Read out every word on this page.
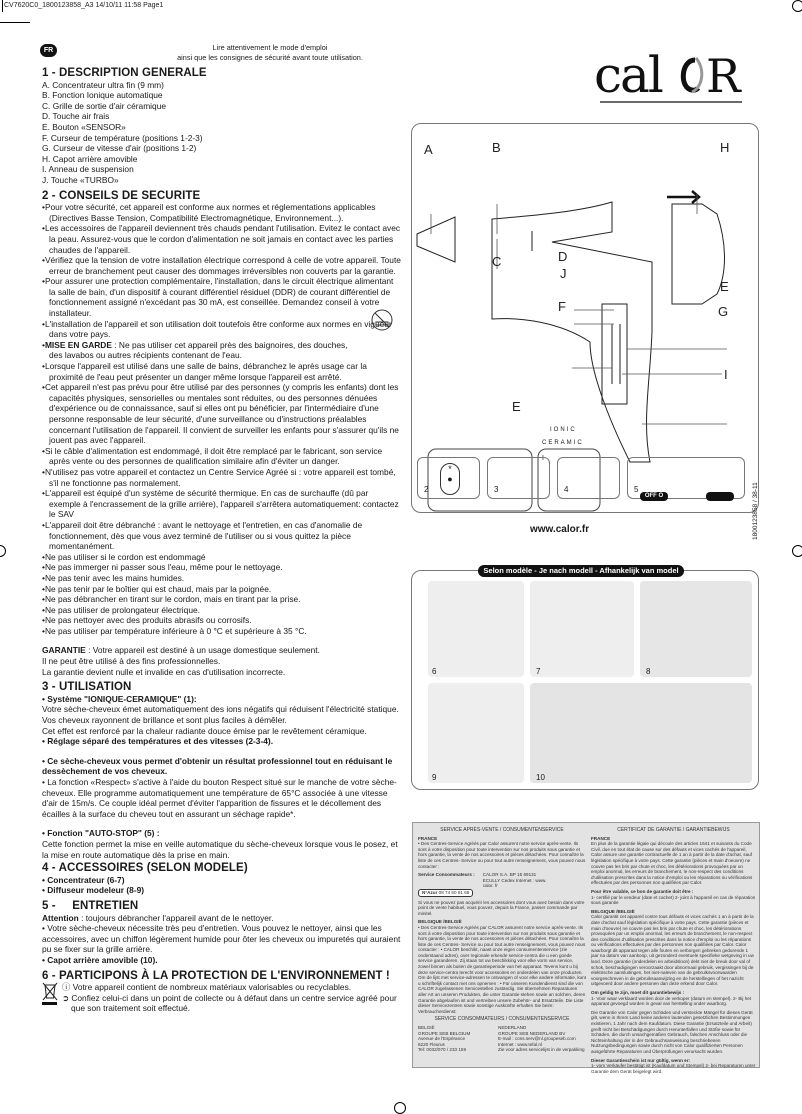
CV7620C0_1800123858_A3 14/10/11 11:58 Page1
FR	Lire attentivement le mode d'emploi
ainsi que les consignes de sécurité avant toute utilisation.
1 - DESCRIPTION GENERALE
A. Concentrateur ultra fin (9 mm)
B. Fonction Ionique automatique
C. Grille de sortie d'air céramique
D. Touche air frais
E. Bouton «SENSOR»
F. Curseur de température (positions 1-2-3)
G. Curseur de vitesse d'air (positions 1-2)
H. Capot arrière amovible
I. Anneau de suspension
J. Touche «TURBO»
2 - CONSEILS DE SECURITE
• Pour votre sécurité, cet appareil est conforme aux normes et réglementations applicables (Directives Basse Tension, Compatibilité Electromagnétique, Environnement...).
• Les accessoires de l'appareil deviennent très chauds pendant l'utilisation. Evitez le contact avec la peau. Assurez-vous que le cordon d'alimentation ne soit jamais en contact avec les parties chaudes de l'appareil.
• Vérifiez que la tension de votre installation électrique correspond à celle de votre appareil. Toute erreur de branchement peut causer des dommages irréversibles non couverts par la garantie.
• Pour assurer une protection complémentaire, l'installation, dans le circuit électrique alimentant la salle de bain, d'un dispositif à courant différentiel résiduel (DDR) de courant différentiel de fonctionnement assigné n'excédant pas 30 mA, est conseillée. Demandez conseil à votre installateur.
• L'installation de l'appareil et son utilisation doit toutefois être conforme aux normes en vigueur dans votre pays.
• MISE EN GARDE : Ne pas utiliser cet appareil près des baignoires, des douches, des lavabos ou autres récipients contenant de l'eau.
• Lorsque l'appareil est utilisé dans une salle de bains, débranchez le après usage car la proximité de l'eau peut présenter un danger même lorsque l'appareil est arrêté.
• Cet appareil n'est pas prévu pour être utilisé par des personnes (y compris les enfants) dont les capacités physiques, sensorielles ou mentales sont réduites, ou des personnes dénuées d'expérience ou de connaissance, sauf si elles ont pu bénéficier, par l'intermédiaire d'une personne responsable de leur sécurité, d'une surveillance ou d'instructions préalables concernant l'utilisation de l'appareil. Il convient de surveiller les enfants pour s'assurer qu'ils ne jouent pas avec l'appareil.
• Si le câble d'alimentation est endommagé, il doit être remplacé par le fabricant, son service après vente ou des personnes de qualification similaire afin d'éviter un danger.
• N'utilisez pas votre appareil et contactez un Centre Service Agréé si : votre appareil est tombé, s'il ne fonctionne pas normalement.
• L'appareil est équipé d'un système de sécurité thermique. En cas de surchauffe (dû par exemple à l'encrassement de la grille arrière), l'appareil s'arrêtera automatiquement: contactez le SAV
• L'appareil doit être débranché : avant le nettoyage et l'entretien, en cas d'anomalie de fonctionnement, dès que vous avez terminé de l'utiliser ou si vous quittez la pièce momentanément.
• Ne pas utiliser si le cordon est endommagé
• Ne pas immerger ni passer sous l'eau, même pour le nettoyage.
• Ne pas tenir avec les mains humides.
• Ne pas tenir par le boîtier qui est chaud, mais par la poignée.
• Ne pas débrancher en tirant sur le cordon, mais en tirant par la prise.
• Ne pas utiliser de prolongateur électrique.
• Ne pas nettoyer avec des produits abrasifs ou corrosifs.
• Ne pas utiliser par température inférieure à 0 °C et supérieure à 35 °C.

GARANTIE : Votre appareil est destiné à un usage domestique seulement.

Il ne peut être utilisé à des fins professionnelles.

La garantie devient nulle et invalide en cas d'utilisation incorrecte.

3 - UTILISATION

• Système "IONIQUE-CERAMIQUE" (1):

Votre sèche-cheveux émet automatiquement des ions négatifs qui réduisent l'électricité statique. Vos cheveux rayonnent de brillance et sont plus faciles à démêler.

Cet effet est renforcé par la chaleur radiante douce émise par le revêtement céramique.

• Réglage séparé des températures et des vitesses (2-3-4).

• Ce sèche-cheveux vous permet d'obtenir un résultat professionnel tout en réduisant le dessèchement de vos cheveux.

• La fonction «Respect» s'active à l'aide du bouton Respect situé sur le manche de votre sèche-cheveux. Elle programme automatiquement une température de 65°C associée à une vitesse d'air de 15m/s. Ce couple idéal permet d'éviter l'apparition de fissures et le décollement des écailles à la surface du cheveu tout en assurant un séchage rapide*.

• Fonction "AUTO-STOP" (5) :

Cette fonction permet la mise en veille automatique du sèche-cheveux lorsque vous le posez, et la mise en route automatique dès la prise en main.

4 - ACCESSOIRES (SELON MODELE)

• Concentrateur (6-7)

• Diffuseur modeleur (8-9)

5 -     ENTRETIEN

Attention : toujours débrancher l'appareil avant de le nettoyer.

• Votre sèche-cheveux nécessite très peu d'entretien. Vous pouvez le nettoyer, ainsi que les accessoires, avec un chiffon légèrement humide pour ôter les cheveux ou impuretés qui auraient pu se fixer sur la grille arrière.

• Capot arrière amovible (10).

6 - PARTICIPONS À LA PROTECTION DE L'ENVIRONNEMENT !

ⓘ Votre appareil contient de nombreux matériaux valorisables ou recyclables.

➲ Confiez celui-ci dans un point de collecte ou à défaut dans un centre service agréé pour que son traitement soit effectué.

cal R
A	B
C	D
J
E
F	G
H
I
E
IONIC
CERAMIC
I
2
*
●
3	4	5
OFF O	1800123858 / 38-11
www.calor.fr
6	7	8
9	10
Selon modèle - Je nach modell - Afhankelijk van model
SERVICE APRÈS-VENTE / CONSUMENTENSERVICE
FRANCE

• Des Centres-Service Agréés par Calor assurent notre service après-vente. Ils sont à votre disposition pour toute intervention sur nos produits sous garantie et hors garantie, la vente de nos accessoires et pièces détachées. Pour connaître la liste de ces Centres- Service ou pour tout autre renseignement, vous pouvez nous contacter :

Service Consommateurs : CALOR S.A. BP 15 69131 ECULLY Cedex Internet : www. calor. fr

N°Azur 08 74 50 81 68

Si vous ne pouvez pas acquérir les accessoires dont vous avez besoin dans votre point de vente habituel, vous pouvez, depuis la France, passer commande par minitel.

BELGIQUE /BELGIË

• Des Centres-Service Agréés par CALOR assurent notre service après-vente. Ils sont à votre disposition pour toute intervention sur nos produits sous garantie et hors garantie, la vente de nos accessoires et pièces détachées. Pour connaître la liste de ces Centres- Service ou pour tout autre renseignement, vous pouvez nous contacter : • CALOR beschikt, naast onze eigen consumentenservice (zie onderstaand adres), over regionale erkende service-centra die u een goede service garanderen. Zij staan tot uw beschikking voor elke vorm van service, zowel binnen als buiten de garantieperiode van het apparaat. Tevens kunt u bij deze service-centra terecht voor accessoires en onderdelen van onze producten. Om de lijst met service-adressen te ontvangen of voor elke andere informatie, kunt u schriftelijk contact met ons opnemen : • Für unseren Kundendienst sind die von CALOR zugelassenen Servicestellen zuständig. Sie übernehmen Reparaturen aller Art an unseren Produkten, die unter Garantie stehen sowie an solchen, deren Garantie abgelaufen ist und vertreiben unsere Zubehör- und Ersatzteile. Die Liste dieser Servicezentren sowie sonstige Auskünfte erhalten Sie beim: Verbraucherdienst:

SERVICE CONSOMMATEURS / CONSUMENTENSERVICE
BELGIË
GROUPE SEB BELGIUM
Avenue de l'Espérance
6220 Fleurus
Tel: 0032/070 / 233 159
NEDERLAND
GROUPE SEB NEDERLAND BV
E-mail : cons.serv@nl.groupeseb.com
Internet : www.tefal.nl
Zie voor adres servicelijst in de verpakking
CERTIFICAT DE GARANTIE / GARANTIEBEWIJS
FRANCE

En plus de la garantie légale qui découle des articles 1641 et suivants du Code Civil, due en tout état de cause sur des défauts et vices cachés de l'appareil, Calor assure une garantie contractuelle de 1 an à partir de la date d'achat, sauf législation spécifique à votre pays. Cette garantie (pièces et main d'oeuvre) ne couvre pas les bris par chute et choc, les détériorations provoquées par un emploi anormal, les erreurs de branchement, le non-respect des conditions d'utilisation prescrites dans la notice d'emploi ou les réparations ou vérifications effectuées par des personnes non qualifiées par Calor.

Pour être valable, ce bon de garantie doit être :

1- certifié par le vendeur (date et cachet) 2- joint à l'appareil en cas de réparation sous garantie

BELGIQUE /BELGIË

Calor garantit cet appareil contre tous défauts et vices cachés 1 an à partir de la date d'achat sauf législation spécifique à votre pays. Cette garantie (pièces et main d'oeuvre) ne couvre pas les bris par chute et choc, les détériorations provoquées par un emploi anormal, les erreurs de branchement, le non-respect des conditions d'utilisation prescrites dans la notice d'emploi ou les réparations ou vérifications effectuées par des personnes non qualifiées par Calor. Calor waarborgt dit apparaat tegen alle fouten en verborgen gebreken gedurende 1 jaar na datum van aankoop, uit gezonderd eventuele specifieke wetgeving in uw land. Deze garantie (onderdelen en arbeidsloon) dekt niet de breuk door val of schok, beschadigingen veroorzaakt door abnormaal gebruik, vergissingen bij de elektrische aansluitingen, het niet-naleven van de gebruiksvoorwaarden voorgeschreven in de gebruiksaanwijzing en de herstellingen of het nazicht uitgevoerd door andere personen dan deze erkend door Calor.

Om geldig te zijn, moet dit garantiebewijs :

1- Voor waar verklaard worden door de verkoper (datum en stempel). 2- Bij het apparaat gevoegd worden in geval van herstelling onder waarborg.

Die Garantie von Calor gegen Schäden und versteckte Mängel für dieses Gerät gilt, wenn in Ihrem Land keine anderen lautenden gesetzlichen Bestimmungen existieren, 1 Jahr nach dem Kaufdatum. Diese Garantie (Ersatzteile und Arbeit) greift nicht bei Beschädigungen durch Herunterfallen und Stöße sowie für Schäden, die durch unsachgemäßen Gebrauch, falschen Anschluss oder die Nichteinhaltung der in der Gebrauchsanweisung beschriebenen Nutzungsbedingungen sowie durch nicht von Calor qualifizierten Personen ausgeführte Reparaturen und Überprüfungen verursacht wurden.

Dieser Garantieschein ist nur gültig, wenn er:

1- vom Verkäufer bestätigt ist (Kaufdatum und Stempel) 2- bei Reparaturen unter Garantie dem Gerät beigelegt wird.
